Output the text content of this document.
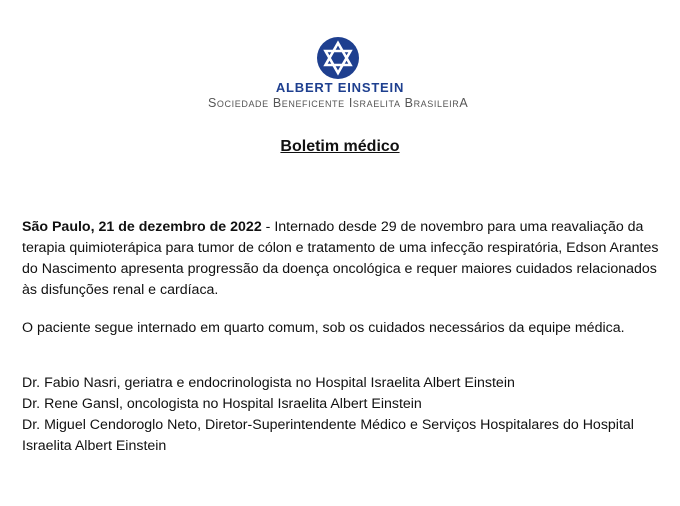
ALBERT EINSTEIN
Sociedade Beneficente Israelita BrasileirA
Boletim médico
São Paulo, 21 de dezembro de 2022 - Internado desde 29 de novembro para uma reavaliação da terapia quimioterápica para tumor de cólon e tratamento de uma infecção respiratória, Edson Arantes do Nascimento apresenta progressão da doença oncológica e requer maiores cuidados relacionados às disfunções renal e cardíaca.
O paciente segue internado em quarto comum, sob os cuidados necessários da equipe médica.
Dr. Fabio Nasri, geriatra e endocrinologista no Hospital Israelita Albert Einstein
Dr. Rene Gansl, oncologista no Hospital Israelita Albert Einstein
Dr. Miguel Cendoroglo Neto, Diretor-Superintendente Médico e Serviços Hospitalares do Hospital Israelita Albert Einstein
